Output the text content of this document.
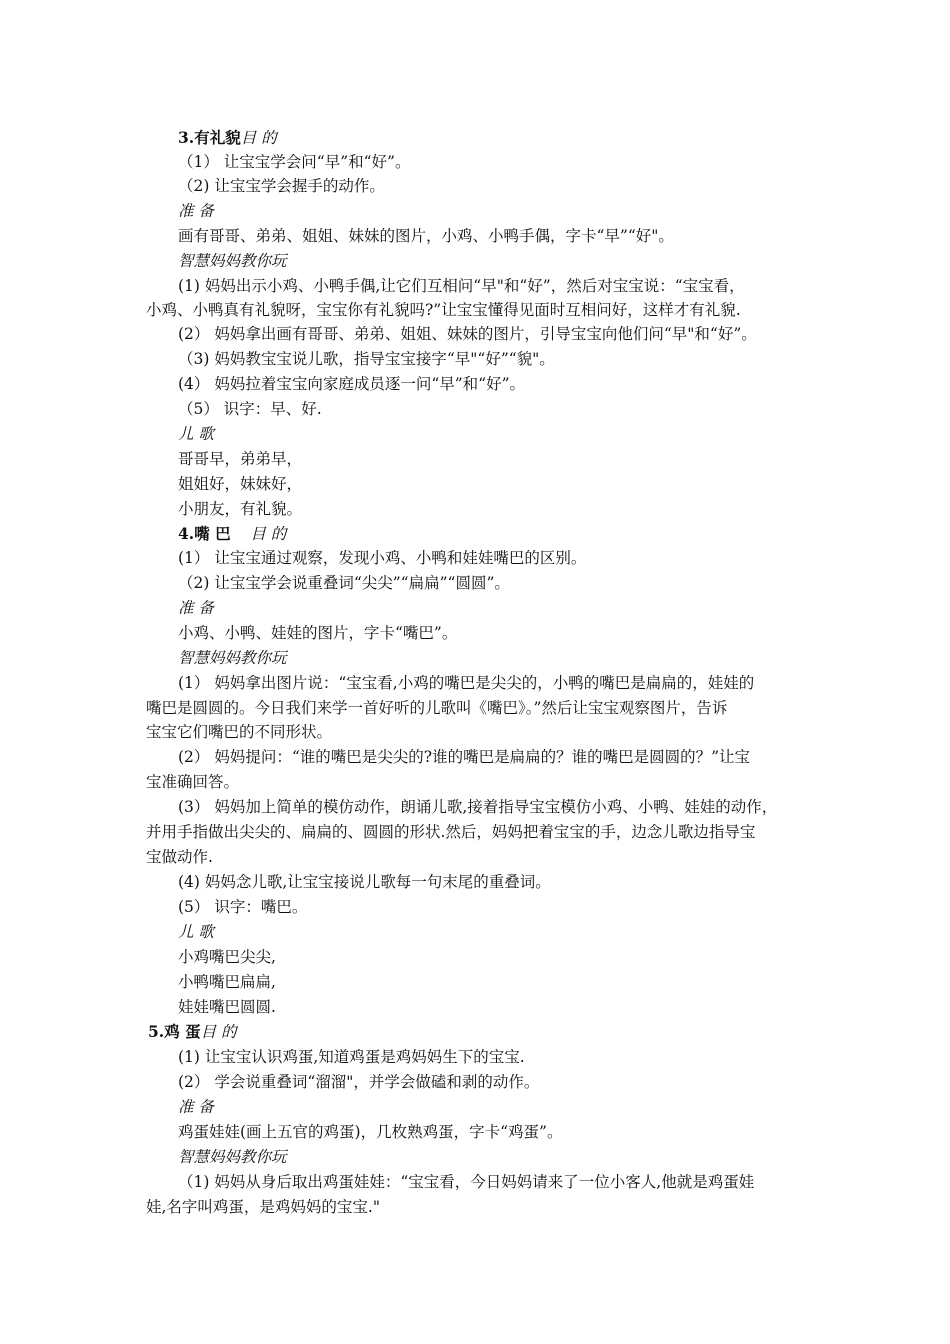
3.有礼貌目 的
（1） 让宝宝学会问“早”和“好”。
（2) 让宝宝学会握手的动作。
准 备
画有哥哥、弟弟、姐姐、妹妹的图片，小鸡、小鸭手偶，字卡“早”“好"。
智慧妈妈教你玩
(1) 妈妈出示小鸡、小鸭手偶,让它们互相问“早"和“好”，然后对宝宝说：“宝宝看，
小鸡、小鸭真有礼貌呀，宝宝你有礼貌吗?”让宝宝懂得见面时互相问好，这样才有礼貌.
(2） 妈妈拿出画有哥哥、弟弟、姐姐、妹妹的图片，引导宝宝向他们问“早"和“好”。
（3) 妈妈教宝宝说儿歌，指导宝宝接字“早"“好”“貌"。
(4） 妈妈拉着宝宝向家庭成员逐一问“早”和“好”。
（5） 识字：早、好.
儿 歌
哥哥早，弟弟早，
姐姐好，妹妹好，
小朋友，有礼貌。
4.嘴 巴 目 的
(1） 让宝宝通过观察，发现小鸡、小鸭和娃娃嘴巴的区别。
（2) 让宝宝学会说重叠词“尖尖”“扁扁”“圆圆”。
准 备
小鸡、小鸭、娃娃的图片，字卡“嘴巴”。
智慧妈妈教你玩
(1） 妈妈拿出图片说：“宝宝看,小鸡的嘴巴是尖尖的，小鸭的嘴巴是扁扁的，娃娃的
嘴巴是圆圆的。今日我们来学一首好听的儿歌叫《嘴巴》。”然后让宝宝观察图片，告诉
宝宝它们嘴巴的不同形状。
(2） 妈妈提问：“谁的嘴巴是尖尖的?谁的嘴巴是扁扁的？谁的嘴巴是圆圆的？”让宝
宝准确回答。
(3） 妈妈加上简单的模仿动作，朗诵儿歌,接着指导宝宝模仿小鸡、小鸭、娃娃的动作，
并用手指做出尖尖的、扁扁的、圆圆的形状.然后，妈妈把着宝宝的手，边念儿歌边指导宝
宝做动作.
(4) 妈妈念儿歌,让宝宝接说儿歌每一句末尾的重叠词。
(5） 识字：嘴巴。
儿 歌
小鸡嘴巴尖尖,
小鸭嘴巴扁扁,
娃娃嘴巴圆圆.
5.鸡 蛋目 的
(1) 让宝宝认识鸡蛋,知道鸡蛋是鸡妈妈生下的宝宝.
(2） 学会说重叠词“溜溜"，并学会做磕和剥的动作。
准 备
鸡蛋娃娃(画上五官的鸡蛋)，几枚熟鸡蛋，字卡“鸡蛋”。
智慧妈妈教你玩
（1) 妈妈从身后取出鸡蛋娃娃：“宝宝看，今日妈妈请来了一位小客人,他就是鸡蛋娃
娃,名字叫鸡蛋，是鸡妈妈的宝宝."
